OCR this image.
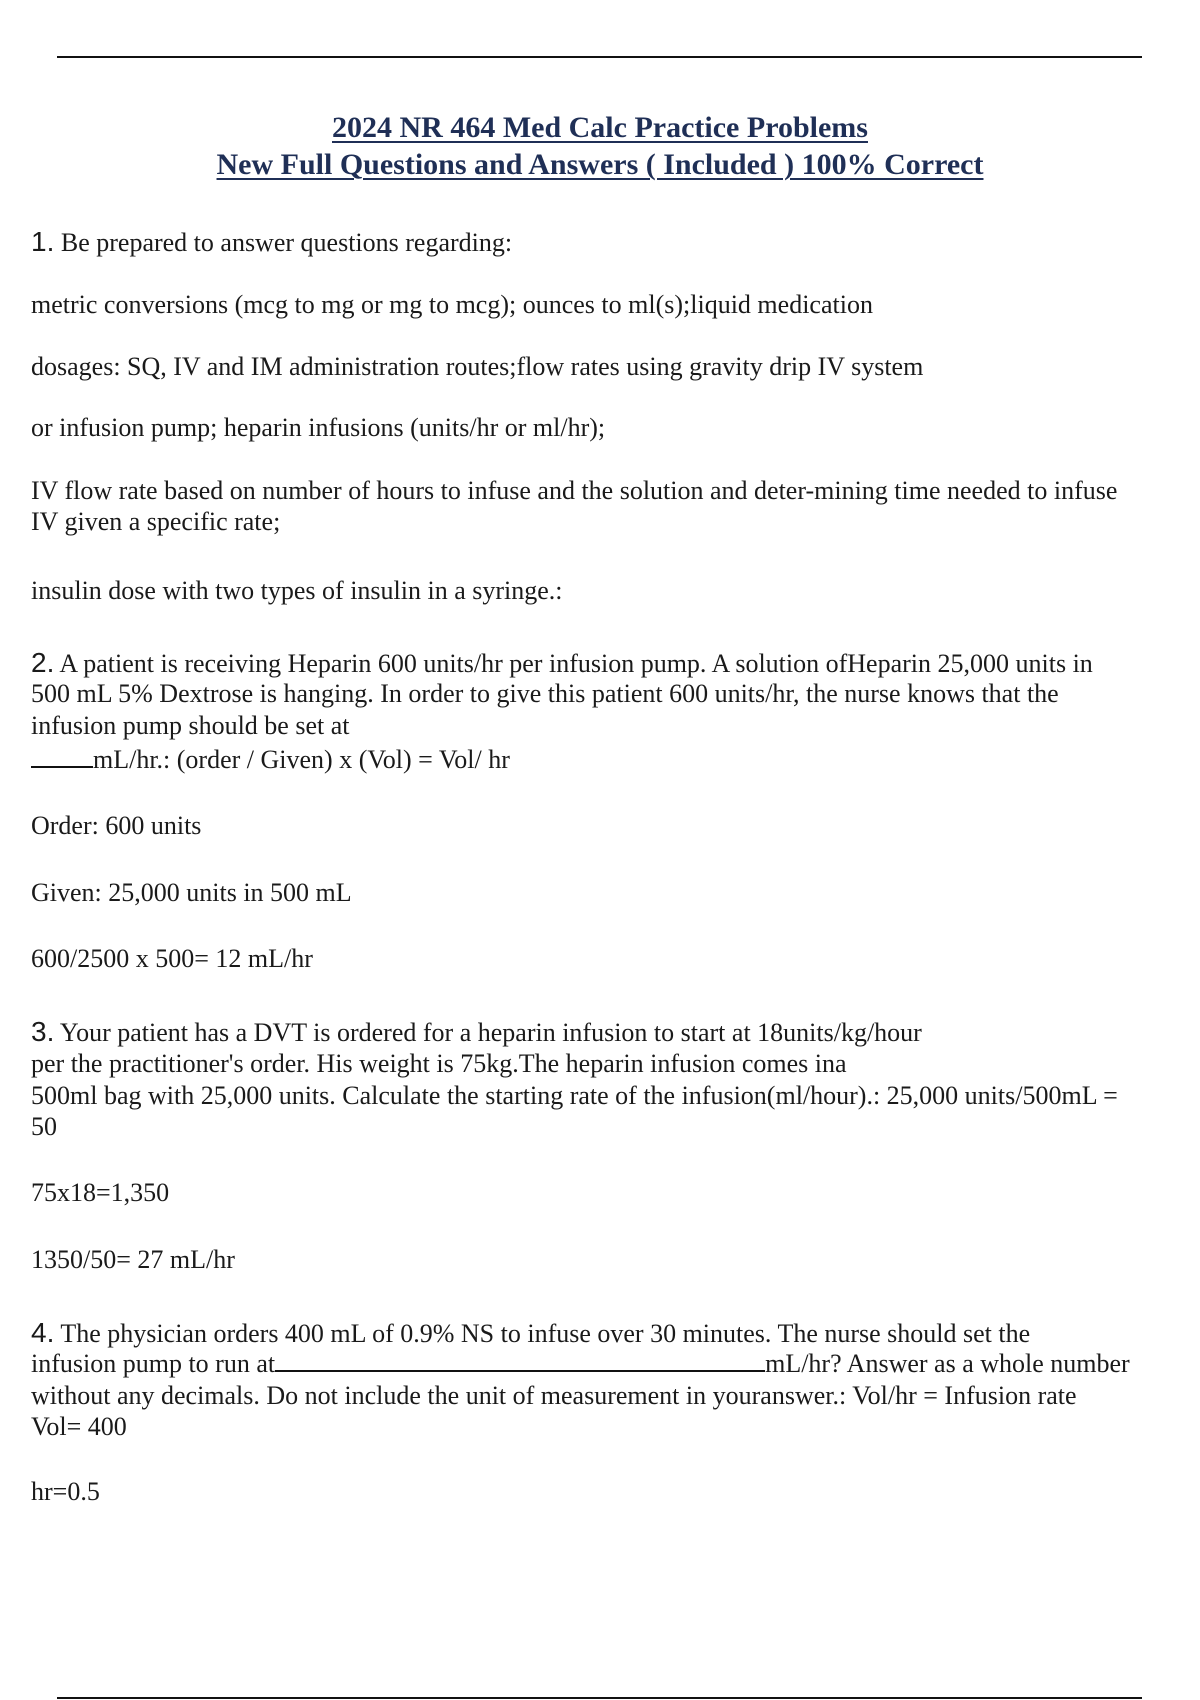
2024 NR 464 Med Calc Practice Problems
New Full Questions and Answers ( Included ) 100% Correct

1. Be prepared to answer questions regarding:

metric conversions (mcg to mg or mg to mcg); ounces to ml(s);liquid medication

dosages: SQ, IV and IM administration routes;flow rates using gravity drip IV system

or infusion pump; heparin infusions (units/hr or ml/hr);

IV flow rate based on number of hours to infuse and the solution and deter-mining time needed to infuse

IV given a specific rate;

insulin dose with two types of insulin in a syringe.:

2. A patient is receiving Heparin 600 units/hr per infusion pump. A solution ofHeparin 25,000 units in

500 mL 5% Dextrose is hanging. In order to give this patient 600 units/hr, the nurse knows that the

infusion pump should be set at

mL/hr.: (order / Given) x (Vol) = Vol/ hr

Order: 600 units

Given: 25,000 units in 500 mL

600/2500 x 500= 12 mL/hr

3. Your patient has a DVT is ordered for a heparin infusion to start at 18units/kg/hour

per the practitioner's order. His weight is 75kg.The heparin infusion comes ina

500ml bag with 25,000 units. Calculate the starting rate of the infusion(ml/hour).: 25,000 units/500mL =

50

75x18=1,350

1350/50= 27 mL/hr

4. The physician orders 400 mL of 0.9% NS to infuse over 30 minutes. The nurse should set the

infusion pump to run at	mL/hr? Answer as a whole number

without any decimals. Do not include the unit of measurement in youranswer.: Vol/hr = Infusion rate

Vol= 400

hr=0.5
